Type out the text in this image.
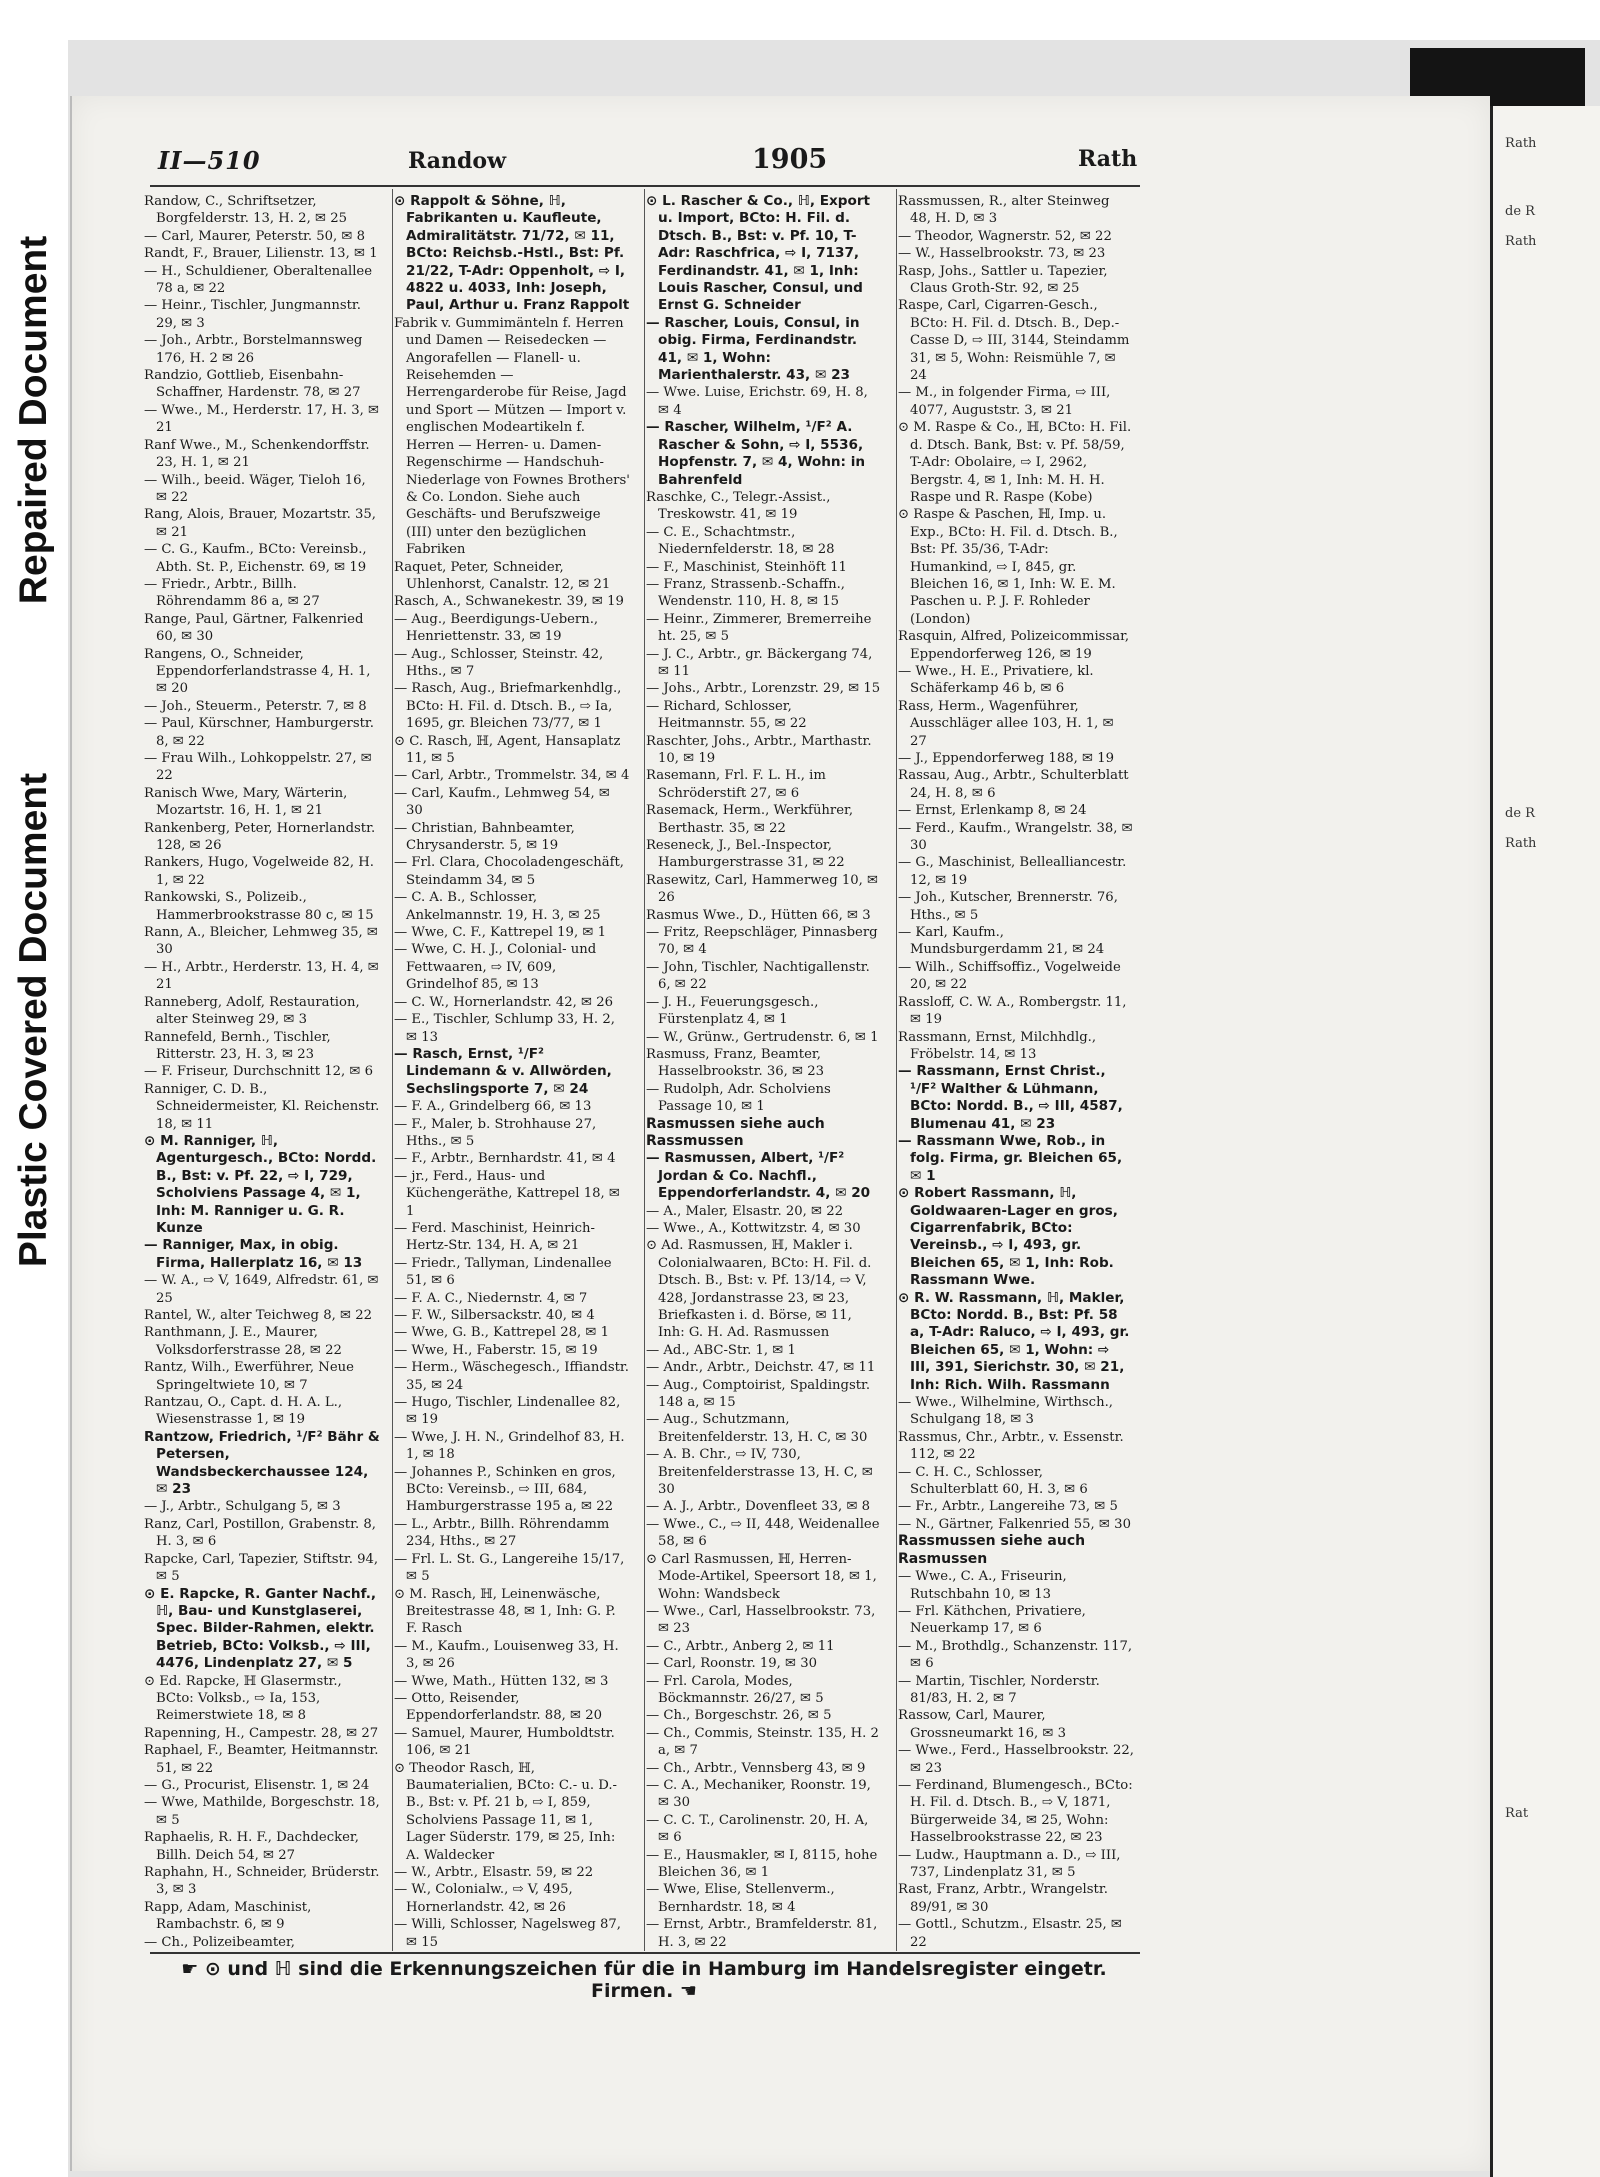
Repaired Document
Plastic Covered Document
Rath
de R
Rath
de R
Rath
Rat
II—510	Randow	1905	Rath

Randow, C., Schriftsetzer, Borgfelderstr. 13, H. 2, ✉ 25

— Carl, Maurer, Peterstr. 50, ✉ 8

Randt, F., Brauer, Lilienstr. 13, ✉ 1

— H., Schuldiener, Oberaltenallee 78 a, ✉ 22

— Heinr., Tischler, Jungmannstr. 29, ✉ 3

— Joh., Arbtr., Borstelmannsweg 176, H. 2 ✉ 26

Randzio, Gottlieb, Eisenbahn-Schaffner, Hardenstr. 78, ✉ 27

— Wwe., M., Herderstr. 17, H. 3, ✉ 21

Ranf Wwe., M., Schenkendorffstr. 23, H. 1, ✉ 21

— Wilh., beeid. Wäger, Tieloh 16, ✉ 22

Rang, Alois, Brauer, Mozartstr. 35, ✉ 21

— C. G., Kaufm., BCto: Vereinsb., Abth. St. P., Eichenstr. 69, ✉ 19

— Friedr., Arbtr., Billh. Röhrendamm 86 a, ✉ 27

Range, Paul, Gärtner, Falkenried 60, ✉ 30

Rangens, O., Schneider, Eppendorferlandstrasse 4, H. 1, ✉ 20

— Joh., Steuerm., Peterstr. 7, ✉ 8

— Paul, Kürschner, Hamburgerstr. 8, ✉ 22

— Frau Wilh., Lohkoppelstr. 27, ✉ 22

Ranisch Wwe, Mary, Wärterin, Mozartstr. 16, H. 1, ✉ 21

Rankenberg, Peter, Hornerlandstr. 128, ✉ 26

Rankers, Hugo, Vogelweide 82, H. 1, ✉ 22

Rankowski, S., Polizeib., Hammerbrookstrasse 80 c, ✉ 15

Rann, A., Bleicher, Lehmweg 35, ✉ 30

— H., Arbtr., Herderstr. 13, H. 4, ✉ 21

Ranneberg, Adolf, Restauration, alter Steinweg 29, ✉ 3

Rannefeld, Bernh., Tischler, Ritterstr. 23, H. 3, ✉ 23

— F. Friseur, Durchschnitt 12, ✉ 6

Ranniger, C. D. B., Schneidermeister, Kl. Reichenstr. 18, ✉ 11

⊙ M. Ranniger, ℍ, Agenturgesch., BCto: Nordd. B., Bst: v. Pf. 22, ⇨ I, 729, Scholviens Passage 4, ✉ 1, Inh: M. Ranniger u. G. R. Kunze

— Ranniger, Max, in obig. Firma, Hallerplatz 16, ✉ 13

— W. A., ⇨ V, 1649, Alfredstr. 61, ✉ 25

Rantel, W., alter Teichweg 8, ✉ 22

Ranthmann, J. E., Maurer, Volksdorferstrasse 28, ✉ 22

Rantz, Wilh., Ewerführer, Neue Springeltwiete 10, ✉ 7

Rantzau, O., Capt. d. H. A. L., Wiesenstrasse 1, ✉ 19

Rantzow, Friedrich, ¹/F² Bähr & Petersen, Wandsbeckerchaussee 124, ✉ 23

— J., Arbtr., Schulgang 5, ✉ 3

Ranz, Carl, Postillon, Grabenstr. 8, H. 3, ✉ 6

Rapcke, Carl, Tapezier, Stiftstr. 94, ✉ 5

⊙ E. Rapcke, R. Ganter Nachf., ℍ, Bau- und Kunstglaserei, Spec. Bilder-Rahmen, elektr. Betrieb, BCto: Volksb., ⇨ III, 4476, Lindenplatz 27, ✉ 5

⊙ Ed. Rapcke, ℍ Glasermstr., BCto: Volksb., ⇨ Ia, 153, Reimerstwiete 18, ✉ 8

Rapenning, H., Campestr. 28, ✉ 27

Raphael, F., Beamter, Heitmannstr. 51, ✉ 22

— G., Procurist, Elisenstr. 1, ✉ 24

— Wwe, Mathilde, Borgeschstr. 18, ✉ 5

Raphaelis, R. H. F., Dachdecker, Billh. Deich 54, ✉ 27

Raphahn, H., Schneider, Brüderstr. 3, ✉ 3

Rapp, Adam, Maschinist, Rambachstr. 6, ✉ 9

— Ch., Polizeibeamter,

⊙ Rappolt & Söhne, ℍ, Fabrikanten u. Kaufleute, Admiralitätstr. 71/72, ✉ 11, BCto: Reichsb.-Hstl., Bst: Pf. 21/22, T-Adr: Oppenholt, ⇨ I, 4822 u. 4033, Inh: Joseph, Paul, Arthur u. Franz Rappolt

Fabrik v. Gummimänteln f. Herren und Damen — Reisedecken — Angorafellen — Flanell- u. Reisehemden — Herrengarderobe für Reise, Jagd und Sport — Mützen — Import v. englischen Modeartikeln f. Herren — Herren- u. Damen-Regenschirme — Handschuh-Niederlage von Fownes Brothers' & Co. London. Siehe auch Geschäfts- und Berufszweige (III) unter den bezüglichen Fabriken

Raquet, Peter, Schneider, Uhlenhorst, Canalstr. 12, ✉ 21

Rasch, A., Schwanekestr. 39, ✉ 19

— Aug., Beerdigungs-Uebern., Henriettenstr. 33, ✉ 19

— Aug., Schlosser, Steinstr. 42, Hths., ✉ 7

— Rasch, Aug., Briefmarkenhdlg., BCto: H. Fil. d. Dtsch. B., ⇨ Ia, 1695, gr. Bleichen 73/77, ✉ 1

⊙ C. Rasch, ℍ, Agent, Hansaplatz 11, ✉ 5

— Carl, Arbtr., Trommelstr. 34, ✉ 4

— Carl, Kaufm., Lehmweg 54, ✉ 30

— Christian, Bahnbeamter, Chrysanderstr. 5, ✉ 19

— Frl. Clara, Chocoladengeschäft, Steindamm 34, ✉ 5

— C. A. B., Schlosser, Ankelmannstr. 19, H. 3, ✉ 25

— Wwe, C. F., Kattrepel 19, ✉ 1

— Wwe, C. H. J., Colonial- und Fettwaaren, ⇨ IV, 609, Grindelhof 85, ✉ 13

— C. W., Hornerlandstr. 42, ✉ 26

— E., Tischler, Schlump 33, H. 2, ✉ 13

— Rasch, Ernst, ¹/F² Lindemann & v. Allwörden, Sechslingsporte 7, ✉ 24

— F. A., Grindelberg 66, ✉ 13

— F., Maler, b. Strohhause 27, Hths., ✉ 5

— F., Arbtr., Bernhardstr. 41, ✉ 4

— jr., Ferd., Haus- und Küchengeräthe, Kattrepel 18, ✉ 1

— Ferd. Maschinist, Heinrich-Hertz-Str. 134, H. A, ✉ 21

— Friedr., Tallyman, Lindenallee 51, ✉ 6

— F. A. C., Niedernstr. 4, ✉ 7

— F. W., Silbersackstr. 40, ✉ 4

— Wwe, G. B., Kattrepel 28, ✉ 1

— Wwe, H., Faberstr. 15, ✉ 19

— Herm., Wäschegesch., Iffiandstr. 35, ✉ 24

— Hugo, Tischler, Lindenallee 82, ✉ 19

— Wwe, J. H. N., Grindelhof 83, H. 1, ✉ 18

— Johannes P., Schinken en gros, BCto: Vereinsb., ⇨ III, 684, Hamburgerstrasse 195 a, ✉ 22

— L., Arbtr., Billh. Röhrendamm 234, Hths., ✉ 27

— Frl. L. St. G., Langereihe 15/17, ✉ 5

⊙ M. Rasch, ℍ, Leinenwäsche, Breitestrasse 48, ✉ 1, Inh: G. P. F. Rasch

— M., Kaufm., Louisenweg 33, H. 3, ✉ 26

— Wwe, Math., Hütten 132, ✉ 3

— Otto, Reisender, Eppendorferlandstr. 88, ✉ 20

— Samuel, Maurer, Humboldtstr. 106, ✉ 21

⊙ Theodor Rasch, ℍ, Baumaterialien, BCto: C.- u. D.-B., Bst: v. Pf. 21 b, ⇨ I, 859, Scholviens Passage 11, ✉ 1, Lager Süderstr. 179, ✉ 25, Inh: A. Waldecker

— W., Arbtr., Elsastr. 59, ✉ 22

— W., Colonialw., ⇨ V, 495, Hornerlandstr. 42, ✉ 26

— Willi, Schlosser, Nagelsweg 87, ✉ 15

⊙ L. Rascher & Co., ℍ, Export u. Import, BCto: H. Fil. d. Dtsch. B., Bst: v. Pf. 10, T-Adr: Raschfrica, ⇨ I, 7137, Ferdinandstr. 41, ✉ 1, Inh: Louis Rascher, Consul, und Ernst G. Schneider

— Rascher, Louis, Consul, in obig. Firma, Ferdinandstr. 41, ✉ 1, Wohn: Marienthalerstr. 43, ✉ 23

— Wwe. Luise, Erichstr. 69, H. 8, ✉ 4

— Rascher, Wilhelm, ¹/F² A. Rascher & Sohn, ⇨ I, 5536, Hopfenstr. 7, ✉ 4, Wohn: in Bahrenfeld

Raschke, C., Telegr.-Assist., Treskowstr. 41, ✉ 19

— C. E., Schachtmstr., Niedernfelderstr. 18, ✉ 28

— F., Maschinist, Steinhöft 11

— Franz, Strassenb.-Schaffn., Wendenstr. 110, H. 8, ✉ 15

— Heinr., Zimmerer, Bremerreihe ht. 25, ✉ 5

— J. C., Arbtr., gr. Bäckergang 74, ✉ 11

— Johs., Arbtr., Lorenzstr. 29, ✉ 15

— Richard, Schlosser, Heitmannstr. 55, ✉ 22

Raschter, Johs., Arbtr., Marthastr. 10, ✉ 19

Rasemann, Frl. F. L. H., im Schröderstift 27, ✉ 6

Rasemack, Herm., Werkführer, Berthastr. 35, ✉ 22

Reseneck, J., Bel.-Inspector, Hamburgerstrasse 31, ✉ 22

Rasewitz, Carl, Hammerweg 10, ✉ 26

Rasmus Wwe., D., Hütten 66, ✉ 3

— Fritz, Reepschläger, Pinnasberg 70, ✉ 4

— John, Tischler, Nachtigallenstr. 6, ✉ 22

— J. H., Feuerungsgesch., Fürstenplatz 4, ✉ 1

— W., Grünw., Gertrudenstr. 6, ✉ 1

Rasmuss, Franz, Beamter, Hasselbrookstr. 36, ✉ 23

— Rudolph, Adr. Scholviens Passage 10, ✉ 1

Rasmussen siehe auch Rassmussen

— Rasmussen, Albert, ¹/F² Jordan & Co. Nachfl., Eppendorferlandstr. 4, ✉ 20

— A., Maler, Elsastr. 20, ✉ 22

— Wwe., A., Kottwitzstr. 4, ✉ 30

⊙ Ad. Rasmussen, ℍ, Makler i. Colonialwaaren, BCto: H. Fil. d. Dtsch. B., Bst: v. Pf. 13/14, ⇨ V, 428, Jordanstrasse 23, ✉ 23, Briefkasten i. d. Börse, ✉ 11, Inh: G. H. Ad. Rasmussen

— Ad., ABC-Str. 1, ✉ 1

— Andr., Arbtr., Deichstr. 47, ✉ 11

— Aug., Comptoirist, Spaldingstr. 148 a, ✉ 15

— Aug., Schutzmann, Breitenfelderstr. 13, H. C, ✉ 30

— A. B. Chr., ⇨ IV, 730, Breitenfelderstrasse 13, H. C, ✉ 30

— A. J., Arbtr., Dovenfleet 33, ✉ 8

— Wwe., C., ⇨ II, 448, Weidenallee 58, ✉ 6

⊙ Carl Rasmussen, ℍ, Herren-Mode-Artikel, Speersort 18, ✉ 1, Wohn: Wandsbeck

— Wwe., Carl, Hasselbrookstr. 73, ✉ 23

— C., Arbtr., Anberg 2, ✉ 11

— Carl, Roonstr. 19, ✉ 30

— Frl. Carola, Modes, Böckmannstr. 26/27, ✉ 5

— Ch., Borgeschstr. 26, ✉ 5

— Ch., Commis, Steinstr. 135, H. 2 a, ✉ 7

— Ch., Arbtr., Vennsberg 43, ✉ 9

— C. A., Mechaniker, Roonstr. 19, ✉ 30

— C. C. T., Carolinenstr. 20, H. A, ✉ 6

— E., Hausmakler, ✉ I, 8115, hohe Bleichen 36, ✉ 1

— Wwe, Elise, Stellenverm., Bernhardstr. 18, ✉ 4

— Ernst, Arbtr., Bramfelderstr. 81, H. 3, ✉ 22

Rassmussen, R., alter Steinweg 48, H. D, ✉ 3

— Theodor, Wagnerstr. 52, ✉ 22

— W., Hasselbrookstr. 73, ✉ 23

Rasp, Johs., Sattler u. Tapezier, Claus Groth-Str. 92, ✉ 25

Raspe, Carl, Cigarren-Gesch., BCto: H. Fil. d. Dtsch. B., Dep.-Casse D, ⇨ III, 3144, Steindamm 31, ✉ 5, Wohn: Reismühle 7, ✉ 24

— M., in folgender Firma, ⇨ III, 4077, Auguststr. 3, ✉ 21

⊙ M. Raspe & Co., ℍ, BCto: H. Fil. d. Dtsch. Bank, Bst: v. Pf. 58/59, T-Adr: Obolaire, ⇨ I, 2962, Bergstr. 4, ✉ 1, Inh: M. H. H. Raspe und R. Raspe (Kobe)

⊙ Raspe & Paschen, ℍ, Imp. u. Exp., BCto: H. Fil. d. Dtsch. B., Bst: Pf. 35/36, T-Adr: Humankind, ⇨ I, 845, gr. Bleichen 16, ✉ 1, Inh: W. E. M. Paschen u. P. J. F. Rohleder (London)

Rasquin, Alfred, Polizeicommissar, Eppendorferweg 126, ✉ 19

— Wwe., H. E., Privatiere, kl. Schäferkamp 46 b, ✉ 6

Rass, Herm., Wagenführer, Ausschläger allee 103, H. 1, ✉ 27

— J., Eppendorferweg 188, ✉ 19

Rassau, Aug., Arbtr., Schulterblatt 24, H. 8, ✉ 6

— Ernst, Erlenkamp 8, ✉ 24

— Ferd., Kaufm., Wrangelstr. 38, ✉ 30

— G., Maschinist, Bellealliancestr. 12, ✉ 19

— Joh., Kutscher, Brennerstr. 76, Hths., ✉ 5

— Karl, Kaufm., Mundsburgerdamm 21, ✉ 24

— Wilh., Schiffsoffiz., Vogelweide 20, ✉ 22

Rassloff, C. W. A., Rombergstr. 11, ✉ 19

Rassmann, Ernst, Milchhdlg., Fröbelstr. 14, ✉ 13

— Rassmann, Ernst Christ., ¹/F² Walther & Lühmann, BCto: Nordd. B., ⇨ III, 4587, Blumenau 41, ✉ 23

— Rassmann Wwe, Rob., in folg. Firma, gr. Bleichen 65, ✉ 1

⊙ Robert Rassmann, ℍ, Goldwaaren-Lager en gros, Cigarrenfabrik, BCto: Vereinsb., ⇨ I, 493, gr. Bleichen 65, ✉ 1, Inh: Rob. Rassmann Wwe.

⊙ R. W. Rassmann, ℍ, Makler, BCto: Nordd. B., Bst: Pf. 58 a, T-Adr: Raluco, ⇨ I, 493, gr. Bleichen 65, ✉ 1, Wohn: ⇨ III, 391, Sierichstr. 30, ✉ 21, Inh: Rich. Wilh. Rassmann

— Wwe., Wilhelmine, Wirthsch., Schulgang 18, ✉ 3

Rassmus, Chr., Arbtr., v. Essenstr. 112, ✉ 22

— C. H. C., Schlosser, Schulterblatt 60, H. 3, ✉ 6

— Fr., Arbtr., Langereihe 73, ✉ 5

— N., Gärtner, Falkenried 55, ✉ 30

Rassmussen siehe auch Rasmussen

— Wwe., C. A., Friseurin, Rutschbahn 10, ✉ 13

— Frl. Käthchen, Privatiere, Neuerkamp 17, ✉ 6

— M., Brothdlg., Schanzenstr. 117, ✉ 6

— Martin, Tischler, Norderstr. 81/83, H. 2, ✉ 7

Rassow, Carl, Maurer, Grossneumarkt 16, ✉ 3

— Wwe., Ferd., Hasselbrookstr. 22, ✉ 23

— Ferdinand, Blumengesch., BCto: H. Fil. d. Dtsch. B., ⇨ V, 1871, Bürgerweide 34, ✉ 25, Wohn: Hasselbrookstrasse 22, ✉ 23

— Ludw., Hauptmann a. D., ⇨ III, 737, Lindenplatz 31, ✉ 5

Rast, Franz, Arbtr., Wrangelstr. 89/91, ✉ 30

— Gottl., Schutzm., Elsastr. 25, ✉ 22

☛ ⊙ und ℍ sind die Erkennungszeichen für die in Hamburg im Handelsregister eingetr. Firmen. ☚
